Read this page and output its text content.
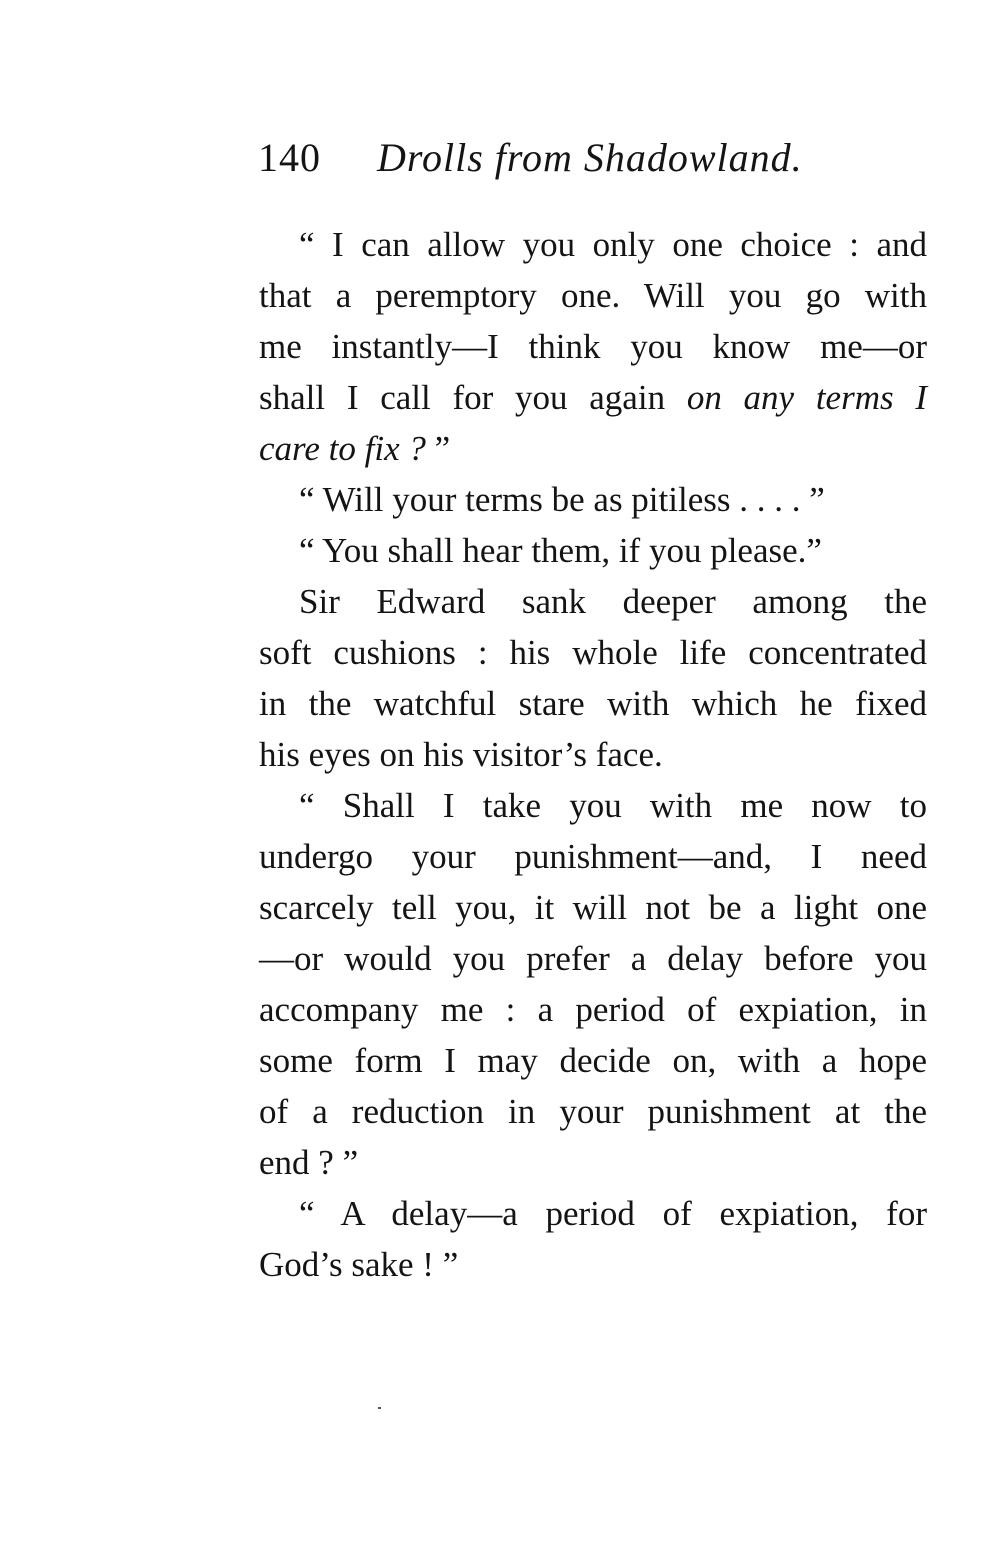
140 Drolls from Shadowland.
“ I can allow you only one choice : and
that a peremptory one. Will you go with
me instantly—I think you know me—or
shall I call for you again on any terms I
care to fix ? ”
“ Will your terms be as pitiless . . . . ”
“ You shall hear them, if you please.”
Sir Edward sank deeper among the
soft cushions : his whole life concentrated
in the watchful stare with which he fixed
his eyes on his visitor’s face.
“ Shall I take you with me now to
undergo your punishment—and, I need
scarcely tell you, it will not be a light one
—or would you prefer a delay before you
accompany me : a period of expiation, in
some form I may decide on, with a hope
of a reduction in your punishment at the
end ? ”
“ A delay—a period of expiation, for
God’s sake ! ”
